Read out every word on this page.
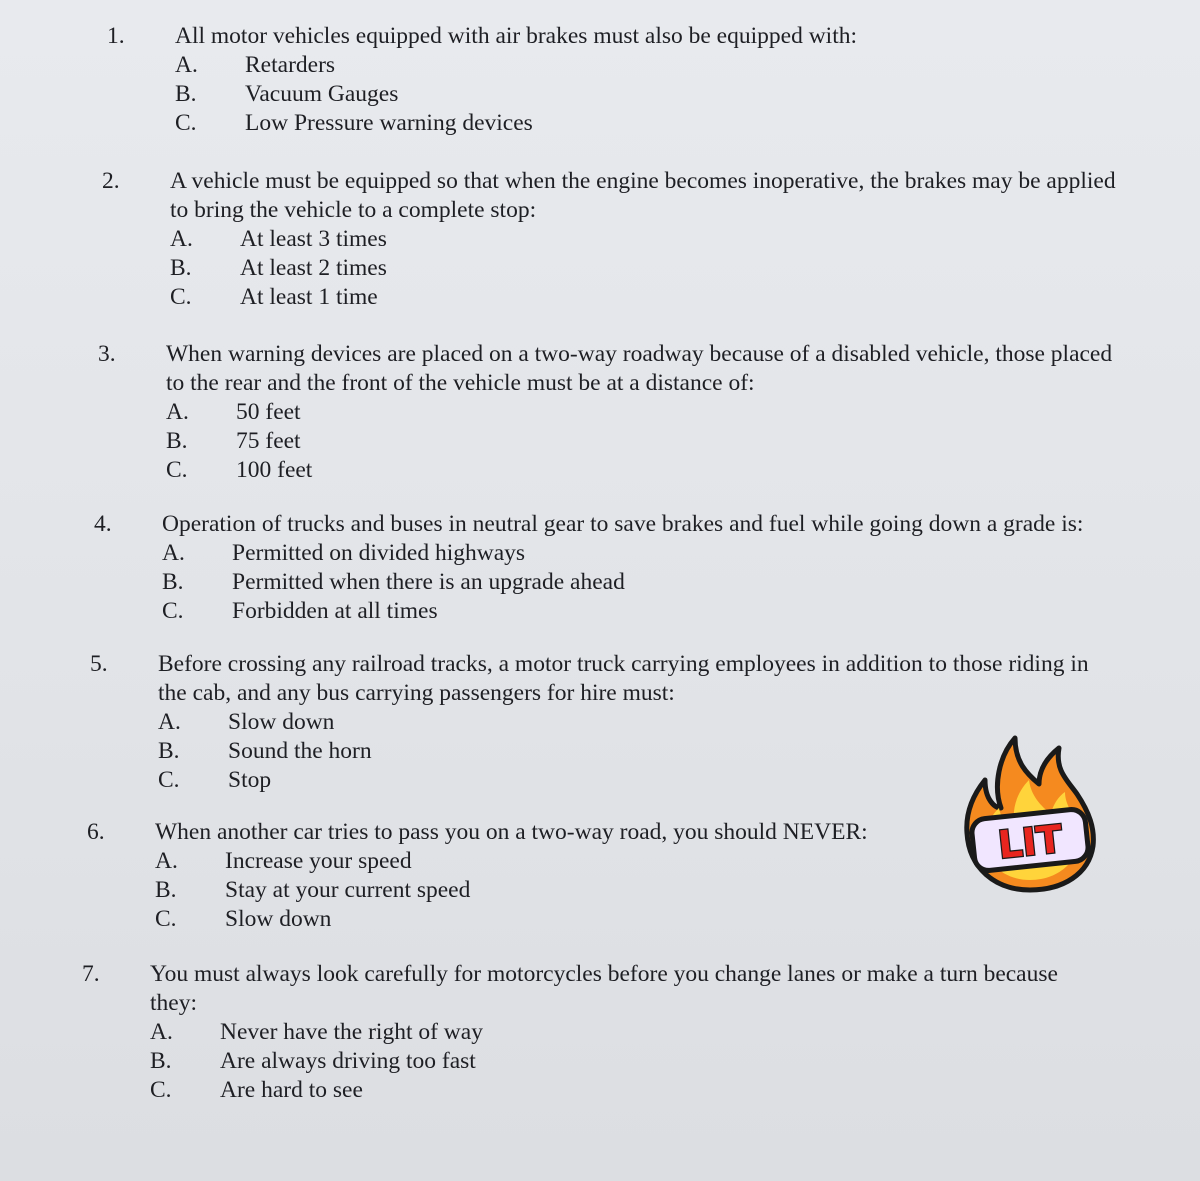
1. All motor vehicles equipped with air brakes must also be equipped with:
A.	Retarders
B.	Vacuum Gauges
C.	Low Pressure warning devices
2. A vehicle must be equipped so that when the engine becomes inoperative, the brakes may be applied to bring the vehicle to a complete stop:
A.	At least 3 times
B.	At least 2 times
C.	At least 1 time
3. When warning devices are placed on a two-way roadway because of a disabled vehicle, those placed to the rear and the front of the vehicle must be at a distance of:
A.	50 feet
B.	75 feet
C.	100 feet
4. Operation of trucks and buses in neutral gear to save brakes and fuel while going down a grade is:
A.	Permitted on divided highways
B.	Permitted when there is an upgrade ahead
C.	Forbidden at all times
5. Before crossing any railroad tracks, a motor truck carrying employees in addition to those riding in the cab, and any bus carrying passengers for hire must:
A.	Slow down
B.	Sound the horn
C.	Stop
6. When another car tries to pass you on a two-way road, you should NEVER:
A.	Increase your speed
B.	Stay at your current speed
C.	Slow down
7. You must always look carefully for motorcycles before you change lanes or make a turn because they:
A.	Never have the right of way
B.	Are always driving too fast
C.	Are hard to see
LIT
